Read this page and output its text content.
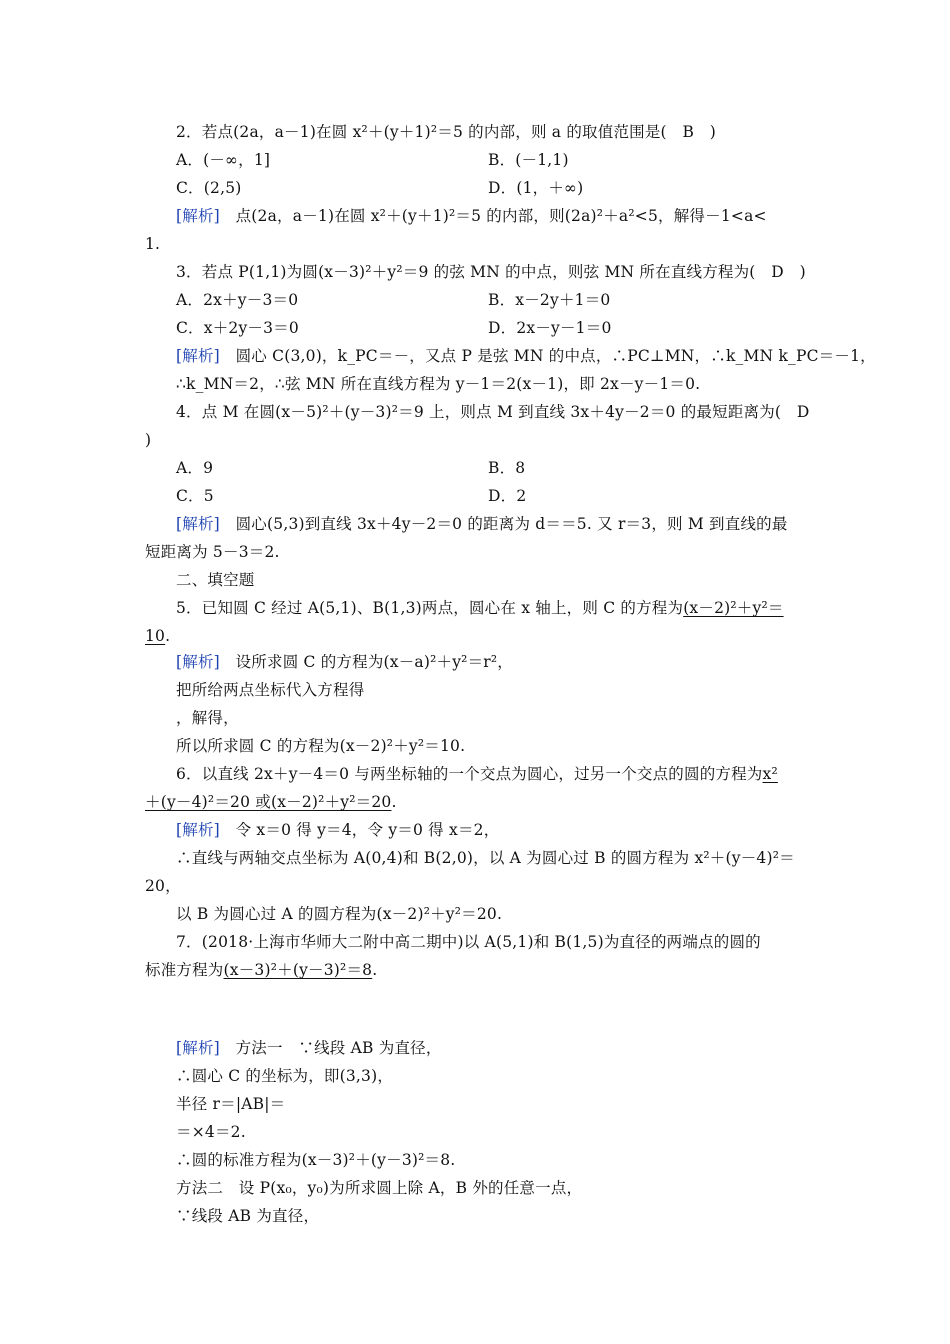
2．若点(2a，a－1)在圆 x²＋(y＋1)²＝5 的内部，则 a 的取值范围是(　B　)
A．(－∞，1]	B．(－1,1)
C．(2,5)	D．(1，＋∞)
[解析]　点(2a，a－1)在圆 x²＋(y＋1)²＝5 的内部，则(2a)²＋a²<5，解得－1<a<
1.
3．若点 P(1,1)为圆(x－3)²＋y²＝9 的弦 MN 的中点，则弦 MN 所在直线方程为(　D　)
A．2x＋y－3＝0	B．x－2y＋1＝0
C．x＋2y－3＝0	D．2x－y－1＝0
[解析]　圆心 C(3,0)，k_PC＝－，又点 P 是弦 MN 的中点，∴PC⊥MN，∴k_MN k_PC＝－1，
∴k_MN＝2，∴弦 MN 所在直线方程为 y－1＝2(x－1)，即 2x－y－1＝0.
4．点 M 在圆(x－5)²＋(y－3)²＝9 上，则点 M 到直线 3x＋4y－2＝0 的最短距离为(　D
)
A．9	B．8
C．5	D．2
[解析]　圆心(5,3)到直线 3x＋4y－2＝0 的距离为 d＝＝5. 又 r＝3，则 M 到直线的最
短距离为 5－3＝2.
二、填空题
5．已知圆 C 经过 A(5,1)、B(1,3)两点，圆心在 x 轴上，则 C 的方程为(x－2)²＋y²＝
10.
[解析]　设所求圆 C 的方程为(x－a)²＋y²＝r²，
把所给两点坐标代入方程得
，解得，
所以所求圆 C 的方程为(x－2)²＋y²＝10.
6．以直线 2x＋y－4＝0 与两坐标轴的一个交点为圆心，过另一个交点的圆的方程为x²
＋(y－4)²＝20 或(x－2)²＋y²＝20.
[解析]　令 x＝0 得 y＝4，令 y＝0 得 x＝2，
∴直线与两轴交点坐标为 A(0,4)和 B(2,0)，以 A 为圆心过 B 的圆方程为 x²＋(y－4)²＝
20，
以 B 为圆心过 A 的圆方程为(x－2)²＋y²＝20.
7．(2018·上海市华师大二附中高二期中)以 A(5,1)和 B(1,5)为直径的两端点的圆的
标准方程为(x－3)²＋(y－3)²＝8.
[解析]　方法一　∵线段 AB 为直径，
∴圆心 C 的坐标为，即(3,3)，
半径 r＝|AB|＝
＝×4＝2.
∴圆的标准方程为(x－3)²＋(y－3)²＝8.
方法二　设 P(x₀，y₀)为所求圆上除 A，B 外的任意一点，
∵线段 AB 为直径，
